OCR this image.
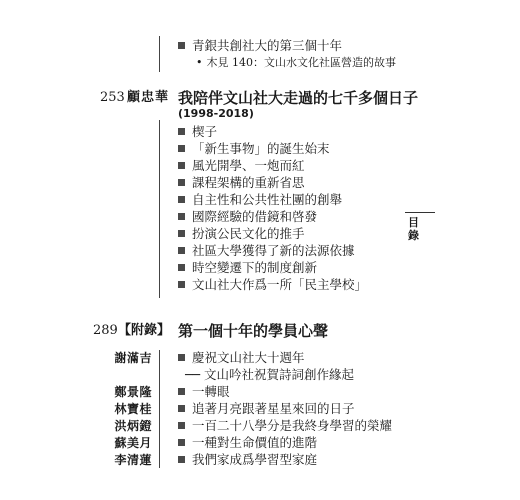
青銀共創社大的第三個十年
• 木見 140：文山水文化社區營造的故事
253 顧忠華 我陪伴文山社大走過的七千多個日子
(1998-2018)
楔子
「新生事物」的誕生始末
風光開學、一炮而紅
課程架構的重新省思
自主性和公共性社團的創舉
國際經驗的借鏡和啓發
扮演公民文化的推手
社區大學獲得了新的法源依據
時空變遷下的制度創新
文山社大作爲一所「民主學校」
目錄
289 【附錄】 第一個十年的學員心聲
謝滿吉	慶祝文山社大十週年
── 文山吟社祝賀詩詞創作緣起
鄭景隆	一轉眼
林寶桂	追著月亮跟著星星來回的日子
洪炳鐙	一百二十八學分是我終身學習的榮耀
蘇美月	一種對生命價值的進階
李清蓮	我們家成爲學習型家庭
